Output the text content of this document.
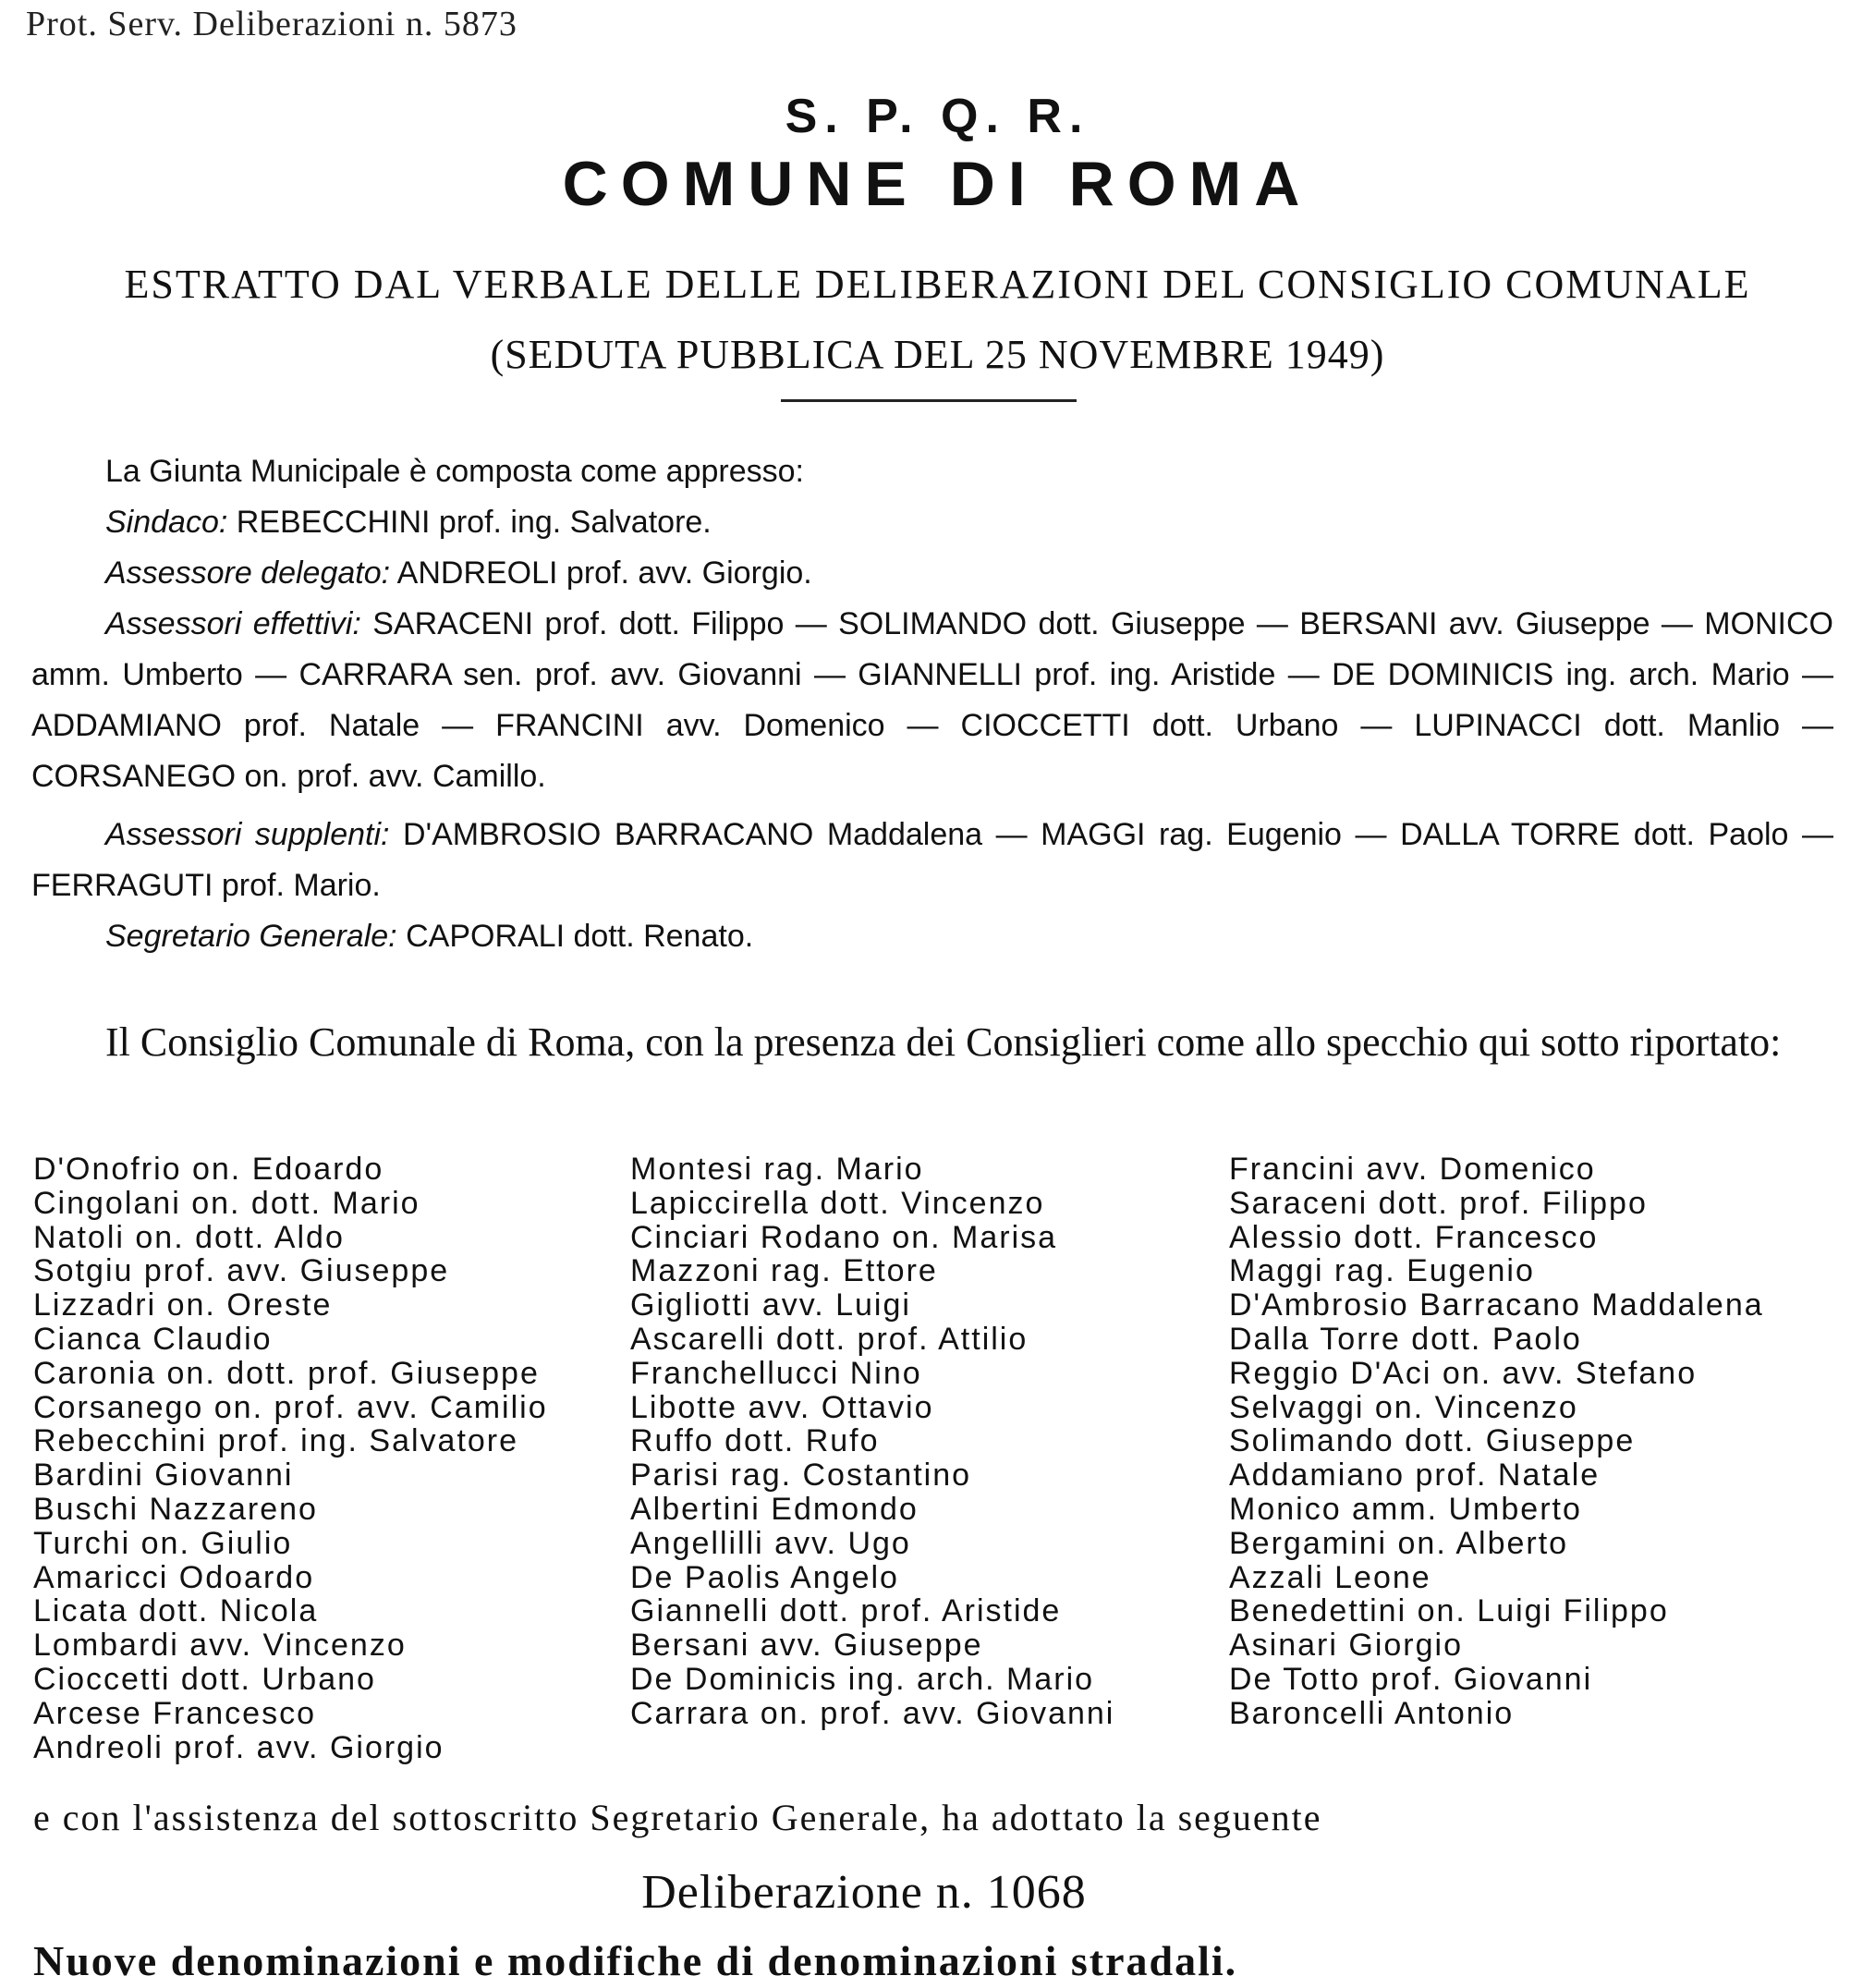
Prot. Serv. Deliberazioni n. 5873
S. P. Q. R.
COMUNE DI ROMA
ESTRATTO DAL VERBALE DELLE DELIBERAZIONI DEL CONSIGLIO COMUNALE
(SEDUTA PUBBLICA DEL 25 NOVEMBRE 1949)

La Giunta Municipale è composta come appresso:

Sindaco: REBECCHINI prof. ing. Salvatore.

Assessore delegato: ANDREOLI prof. avv. Giorgio.

Assessori effettivi: SARACENI prof. dott. Filippo — SOLIMANDO dott. Giuseppe — BERSANI avv. Giuseppe — MONICO amm. Umberto — CARRARA sen. prof. avv. Giovanni — GIANNELLI prof. ing. Aristide — DE DOMINICIS ing. arch. Mario — ADDAMIANO prof. Natale — FRANCINI avv. Domenico — CIOCCETTI dott. Urbano — LUPINACCI dott. Manlio — CORSANEGO on. prof. avv. Camillo.

Assessori supplenti: D'AMBROSIO BARRACANO Maddalena — MAGGI rag. Eugenio — DALLA TORRE dott. Paolo — FERRAGUTI prof. Mario.

Segretario Generale: CAPORALI dott. Renato.

Il Consiglio Comunale di Roma, con la presenza dei Consiglieri come allo specchio qui sotto riportato:
D'Onofrio on. Edoardo
Cingolani on. dott. Mario
Natoli on. dott. Aldo
Sotgiu prof. avv. Giuseppe
Lizzadri on. Oreste
Cianca Claudio
Caronia on. dott. prof. Giuseppe
Corsanego on. prof. avv. Camilio
Rebecchini prof. ing. Salvatore
Bardini Giovanni
Buschi Nazzareno
Turchi on. Giulio
Amaricci Odoardo
Licata dott. Nicola
Lombardi avv. Vincenzo
Cioccetti dott. Urbano
Arcese Francesco
Andreoli prof. avv. Giorgio
Montesi rag. Mario
Lapiccirella dott. Vincenzo
Cinciari Rodano on. Marisa
Mazzoni rag. Ettore
Gigliotti avv. Luigi
Ascarelli dott. prof. Attilio
Franchellucci Nino
Libotte avv. Ottavio
Ruffo dott. Rufo
Parisi rag. Costantino
Albertini Edmondo
Angellilli avv. Ugo
De Paolis Angelo
Giannelli dott. prof. Aristide
Bersani avv. Giuseppe
De Dominicis ing. arch. Mario
Carrara on. prof. avv. Giovanni
Francini avv. Domenico
Saraceni dott. prof. Filippo
Alessio dott. Francesco
Maggi rag. Eugenio
D'Ambrosio Barracano Maddalena
Dalla Torre dott. Paolo
Reggio D'Aci on. avv. Stefano
Selvaggi on. Vincenzo
Solimando dott. Giuseppe
Addamiano prof. Natale
Monico amm. Umberto
Bergamini on. Alberto
Azzali Leone
Benedettini on. Luigi Filippo
Asinari Giorgio
De Totto prof. Giovanni
Baroncelli Antonio
e con l'assistenza del sottoscritto Segretario Generale, ha adottato la seguente
Deliberazione n. 1068
Nuove denominazioni e modifiche di denominazioni stradali.
